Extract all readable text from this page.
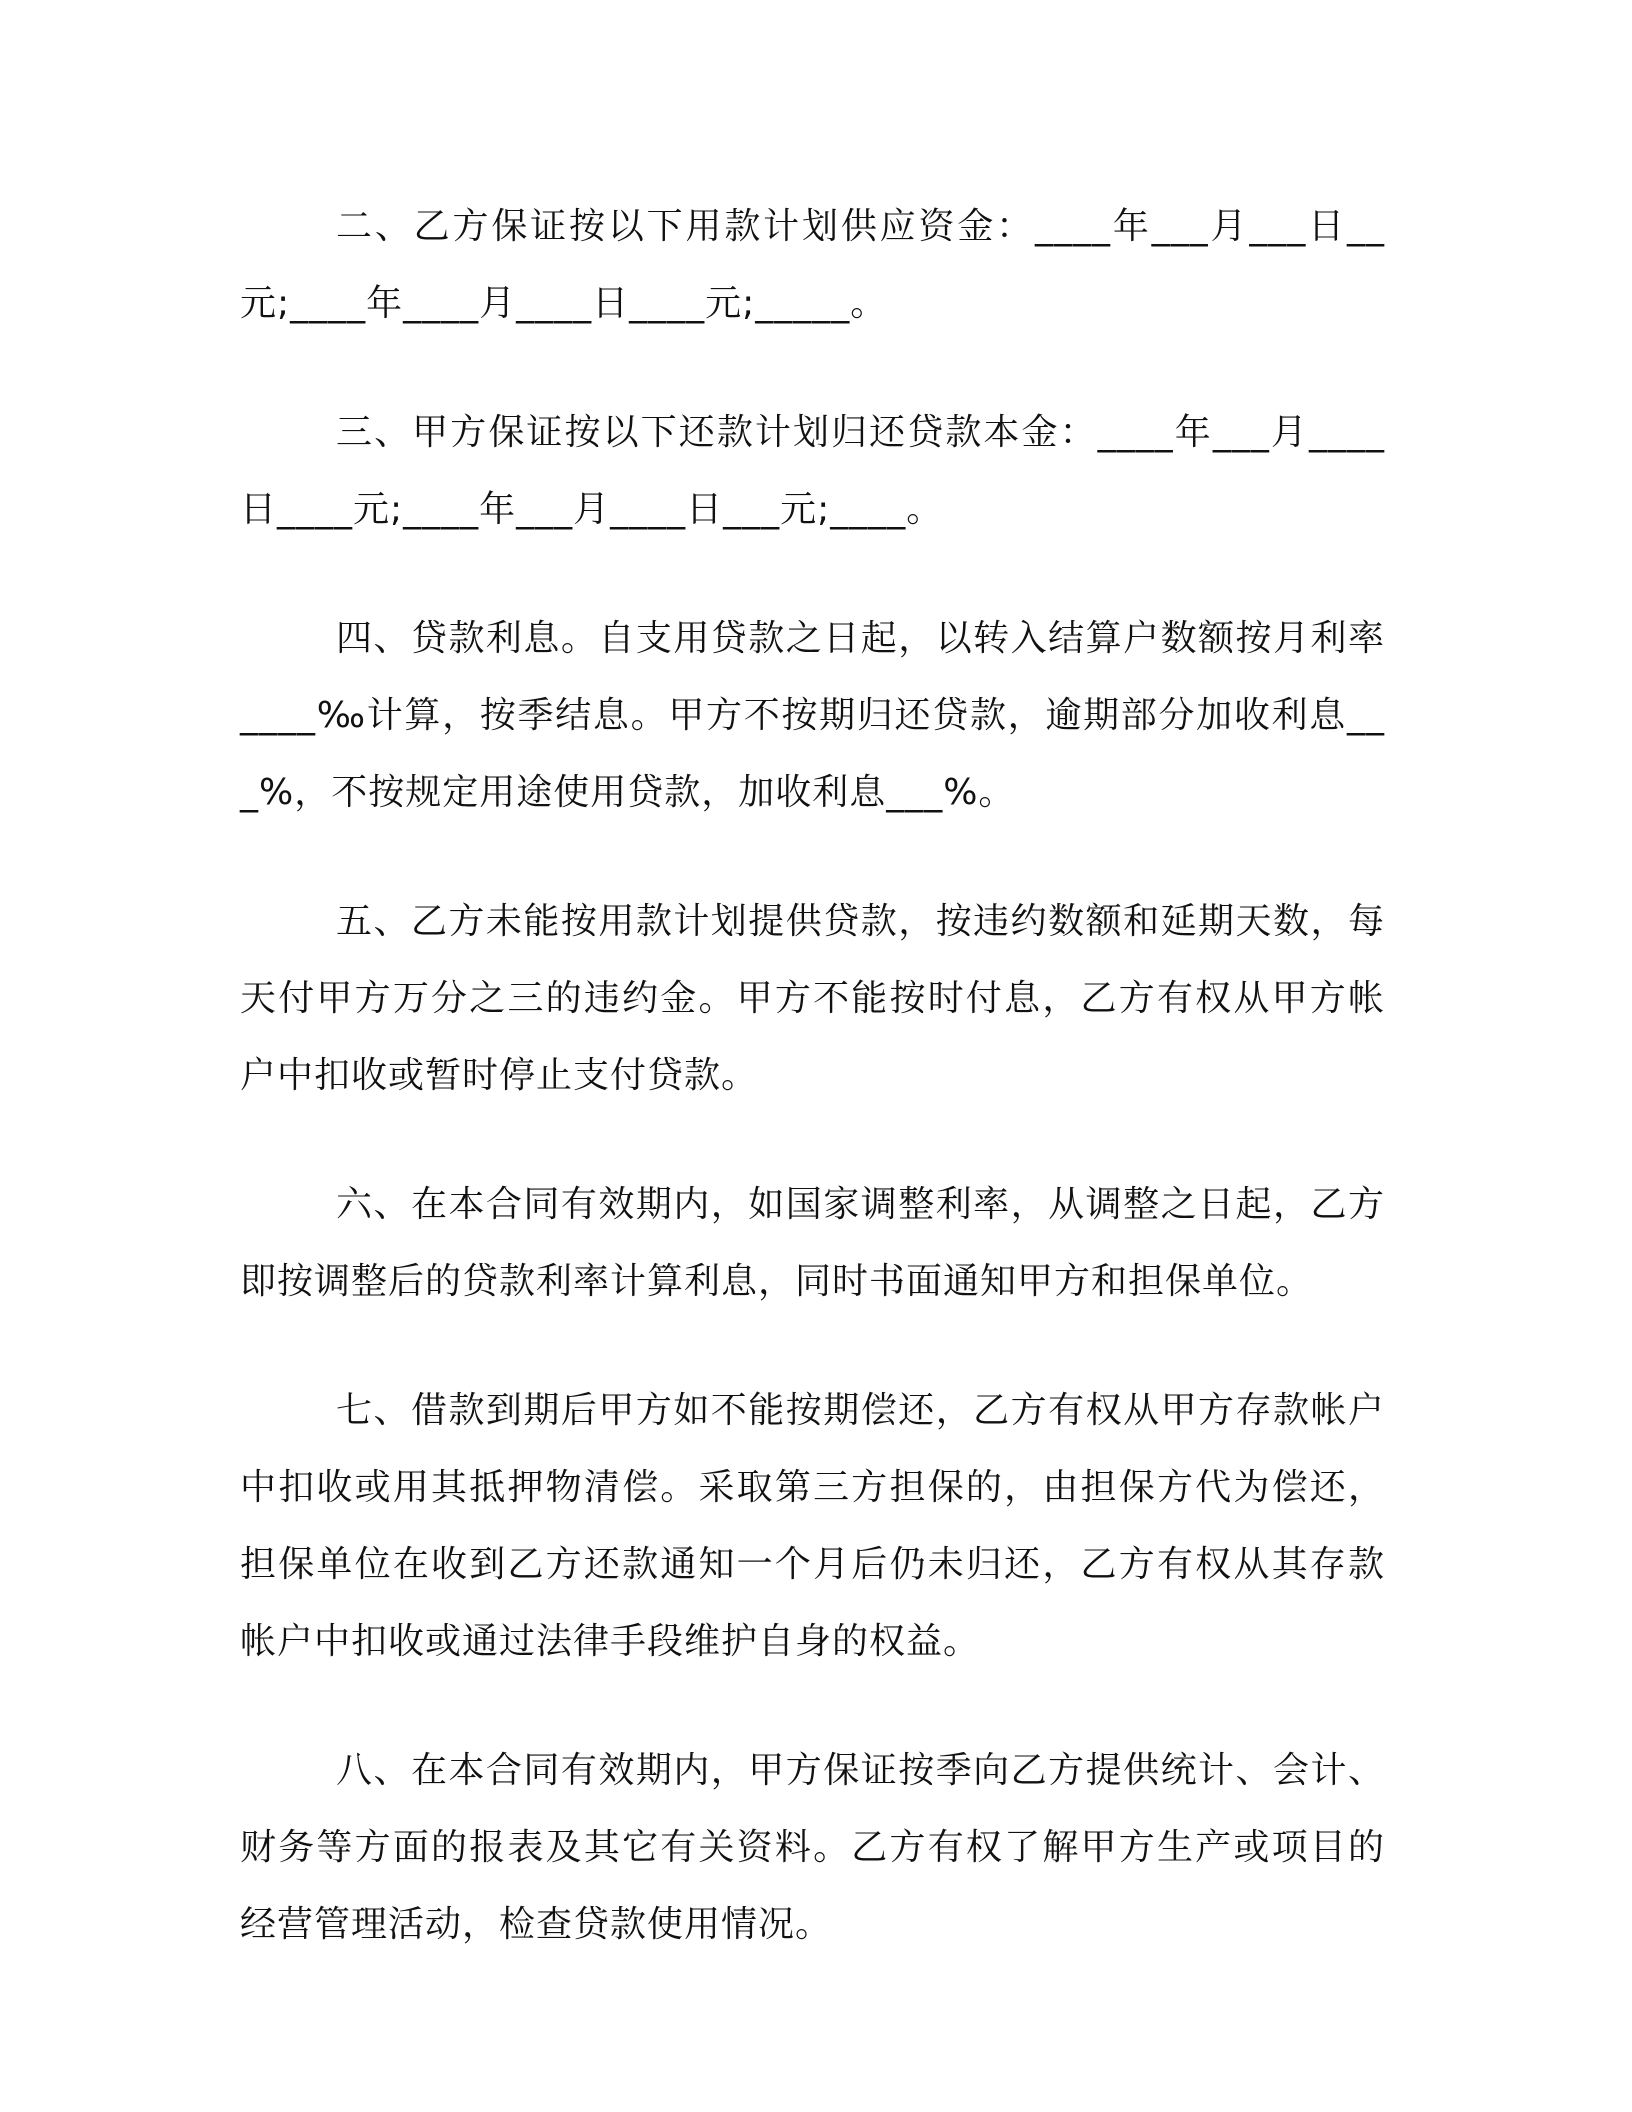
二、乙方保证按以下用款计划供应资金：____年___月___日__元;____年____月____日____元;_____。

三、甲方保证按以下还款计划归还贷款本金：____年___月____日____元;____年___月____日___元;____。

四、贷款利息。自支用贷款之日起，以转入结算户数额按月利率____‰计算，按季结息。甲方不按期归还贷款，逾期部分加收利息___%，不按规定用途使用贷款，加收利息___%。

五、乙方未能按用款计划提供贷款，按违约数额和延期天数，每天付甲方万分之三的违约金。甲方不能按时付息，乙方有权从甲方帐户中扣收或暂时停止支付贷款。

六、在本合同有效期内，如国家调整利率，从调整之日起，乙方即按调整后的贷款利率计算利息，同时书面通知甲方和担保单位。

七、借款到期后甲方如不能按期偿还，乙方有权从甲方存款帐户中扣收或用其抵押物清偿。采取第三方担保的，由担保方代为偿还，担保单位在收到乙方还款通知一个月后仍未归还，乙方有权从其存款帐户中扣收或通过法律手段维护自身的权益。

八、在本合同有效期内，甲方保证按季向乙方提供统计、会计、财务等方面的报表及其它有关资料。乙方有权了解甲方生产或项目的经营管理活动，检查贷款使用情况。
